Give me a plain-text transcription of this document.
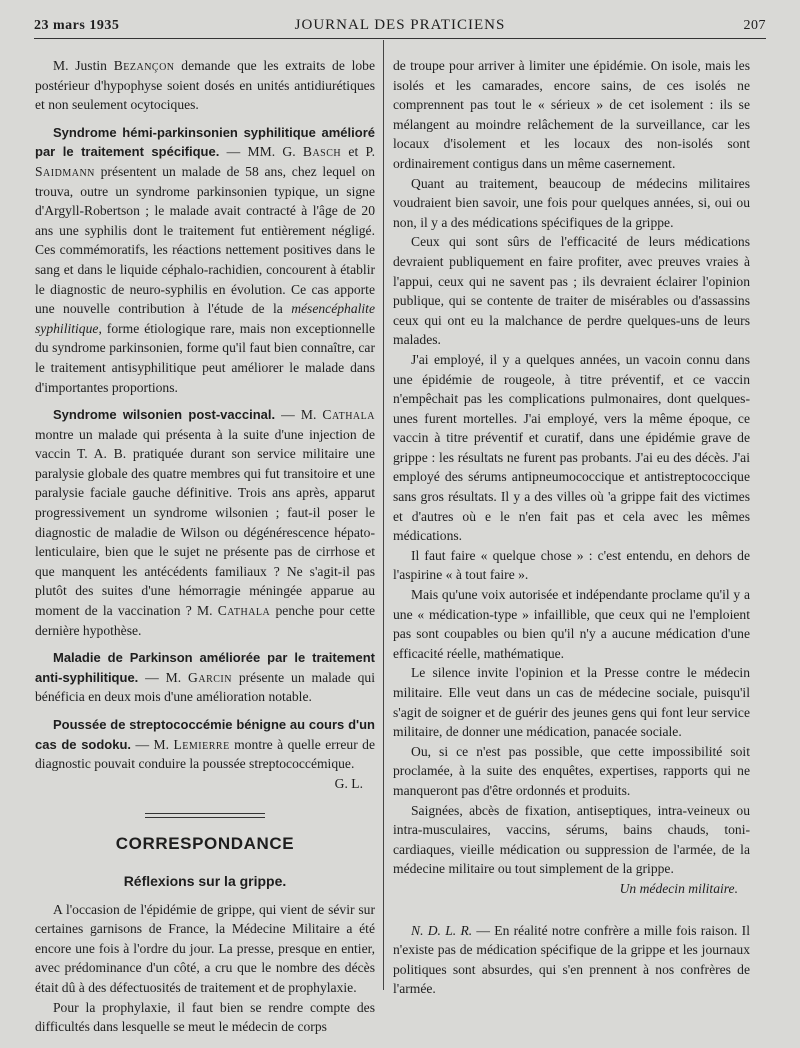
23 mars 1935	JOURNAL DES PRATICIENS	207

M. Justin Bezançon demande que les extraits de lobe postérieur d'hypophyse soient dosés en unités antidiurétiques et non seulement ocytociques.

Syndrome hémi-parkinsonien syphilitique amélioré par le traitement spécifique. — MM. G. Basch et P. Saidmann présentent un malade de 58 ans, chez lequel on trouva, outre un syndrome parkinsonien typique, un signe d'Argyll-Robertson ; le malade avait contracté à l'âge de 20 ans une syphilis dont le traitement fut entièrement négligé. Ces commémoratifs, les réactions nettement positives dans le sang et dans le liquide céphalo-rachidien, concourent à établir le diagnostic de neuro-syphilis en évolution. Ce cas apporte une nouvelle contribution à l'étude de la mésencéphalite syphilitique, forme étiologique rare, mais non exceptionnelle du syndrome parkinsonien, forme qu'il faut bien connaître, car le traitement antisyphilitique peut améliorer le malade dans d'importantes proportions.

Syndrome wilsonien post-vaccinal. — M. Cathala montre un malade qui présenta à la suite d'une injection de vaccin T. A. B. pratiquée durant son service militaire une paralysie globale des quatre membres qui fut transitoire et une paralysie faciale gauche définitive. Trois ans après, apparut progressivement un syndrome wilsonien ; faut-il poser le diagnostic de maladie de Wilson ou dégénérescence hépato-lenticulaire, bien que le sujet ne présente pas de cirrhose et que manquent les antécédents familiaux ? Ne s'agit-il pas plutôt des suites d'une hémorragie méningée apparue au moment de la vaccination ? M. Cathala penche pour cette dernière hypothèse.

Maladie de Parkinson améliorée par le traitement anti-syphilitique. — M. Garcin présente un malade qui bénéficia en deux mois d'une amélioration notable.

Poussée de streptococcémie bénigne au cours d'un cas de sodoku. — M. Lemierre montre à quelle erreur de diagnostic pouvait conduire la poussée streptococcémique.

G. L.

CORRESPONDANCE
Réflexions sur la grippe.

A l'occasion de l'épidémie de grippe, qui vient de sévir sur certaines garnisons de France, la Médecine Militaire a été encore une fois à l'ordre du jour. La presse, presque en entier, avec prédominance d'un côté, a cru que le nombre des décès était dû à des défectuosités de traitement et de prophylaxie.

Pour la prophylaxie, il faut bien se rendre compte des difficultés dans lesquelle se meut le médecin de corps

de troupe pour arriver à limiter une épidémie. On isole, mais les isolés et les camarades, encore sains, de ces isolés ne comprennent pas tout le « sérieux » de cet isolement : ils se mélangent au moindre relâchement de la surveillance, car les locaux d'isolement et les locaux des non-isolés sont ordinairement contigus dans un même casernement.

Quant au traitement, beaucoup de médecins militaires voudraient bien savoir, une fois pour quelques années, si, oui ou non, il y a des médications spécifiques de la grippe.

Ceux qui sont sûrs de l'efficacité de leurs médications devraient publiquement en faire profiter, avec preuves vraies à l'appui, ceux qui ne savent pas ; ils devraient éclairer l'opinion publique, qui se contente de traiter de misérables ou d'assassins ceux qui ont eu la malchance de perdre quelques-uns de leurs malades.

J'ai employé, il y a quelques années, un vacoin connu dans une épidémie de rougeole, à titre préventif, et ce vaccin n'empêchait pas les complications pulmonaires, dont quelques-unes furent mortelles. J'ai employé, vers la même époque, ce vaccin à titre préventif et curatif, dans une épidémie grave de grippe : les résultats ne furent pas probants. J'ai eu des décès. J'ai employé des sérums antipneumococcique et antistreptococcique sans gros résultats. Il y a des villes où 'a grippe fait des victimes et d'autres où e le n'en fait pas et cela avec les mêmes médications.

Il faut faire « quelque chose » : c'est entendu, en dehors de l'aspirine « à tout faire ».

Mais qu'une voix autorisée et indépendante proclame qu'il y a une « médication-type » infaillible, que ceux qui ne l'emploient pas sont coupables ou bien qu'il n'y a aucune médication d'une efficacité réelle, mathématique.

Le silence invite l'opinion et la Presse contre le médecin militaire. Elle veut dans un cas de médecine sociale, puisqu'il s'agit de soigner et de guérir des jeunes gens qui font leur service militaire, de donner une médication, panacée sociale.

Ou, si ce n'est pas possible, que cette impossibilité soit proclamée, à la suite des enquêtes, expertises, rapports qui ne manqueront pas d'être ordonnés et produits.

Saignées, abcès de fixation, antiseptiques, intra-veineux ou intra-musculaires, vaccins, sérums, bains chauds, toni-cardiaques, vieille médication ou suppression de l'armée, de la médecine militaire ou tout simplement de la grippe.

Un médecin militaire.

N. D. L. R. — En réalité notre confrère a mille fois raison. Il n'existe pas de médication spécifique de la grippe et les journaux politiques sont absurdes, qui s'en prennent à nos confrères de l'armée.
